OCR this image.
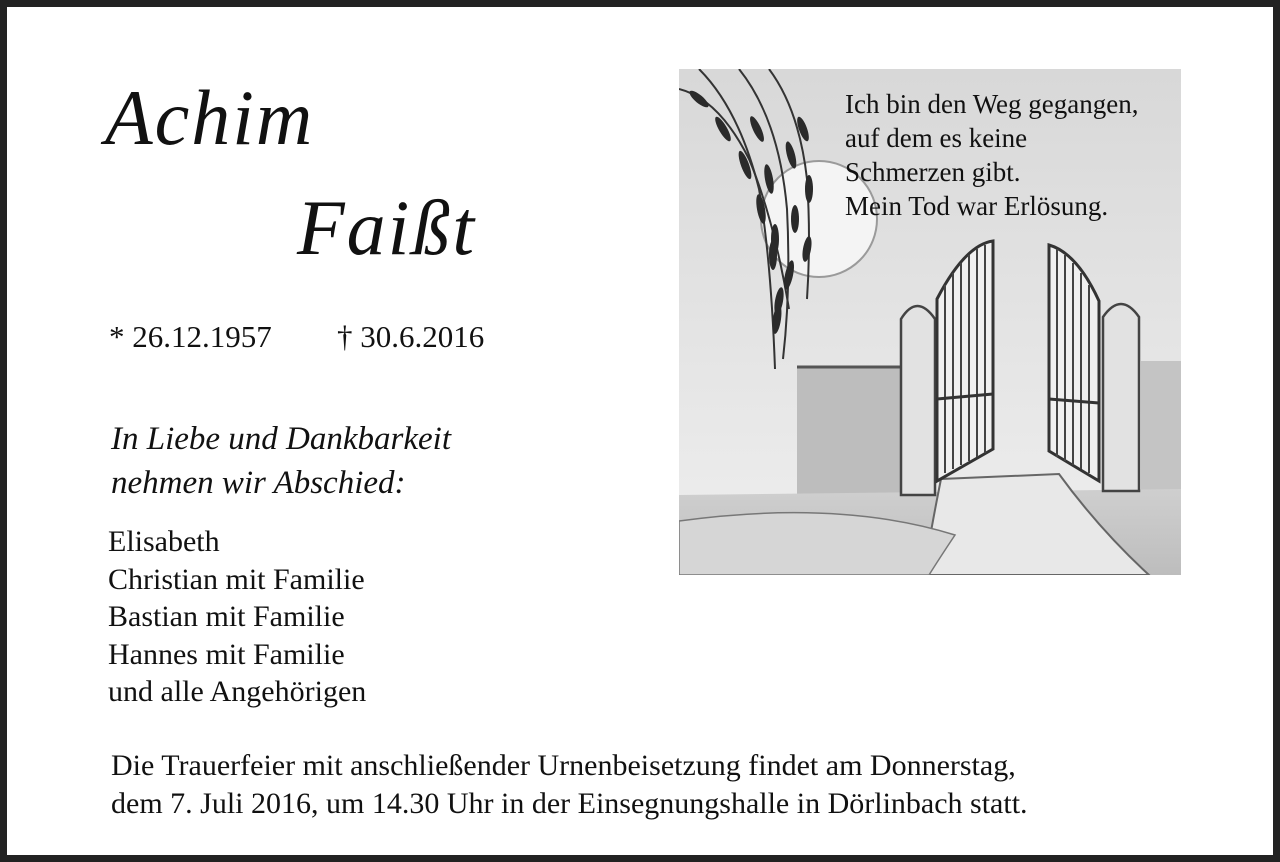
Achim
Faißt
* 26.12.1957 † 30.6.2016
In Liebe und Dankbarkeit
nehmen wir Abschied:
Elisabeth
Christian mit Familie
Bastian mit Familie
Hannes mit Familie
und alle Angehörigen
Ich bin den Weg gegangen,
auf dem es keine
Schmerzen gibt.
Mein Tod war Erlösung.
Die Trauerfeier mit anschließender Urnenbeisetzung findet am Donnerstag,
dem 7. Juli 2016, um 14.30 Uhr in der Einsegnungshalle in Dörlinbach statt.
